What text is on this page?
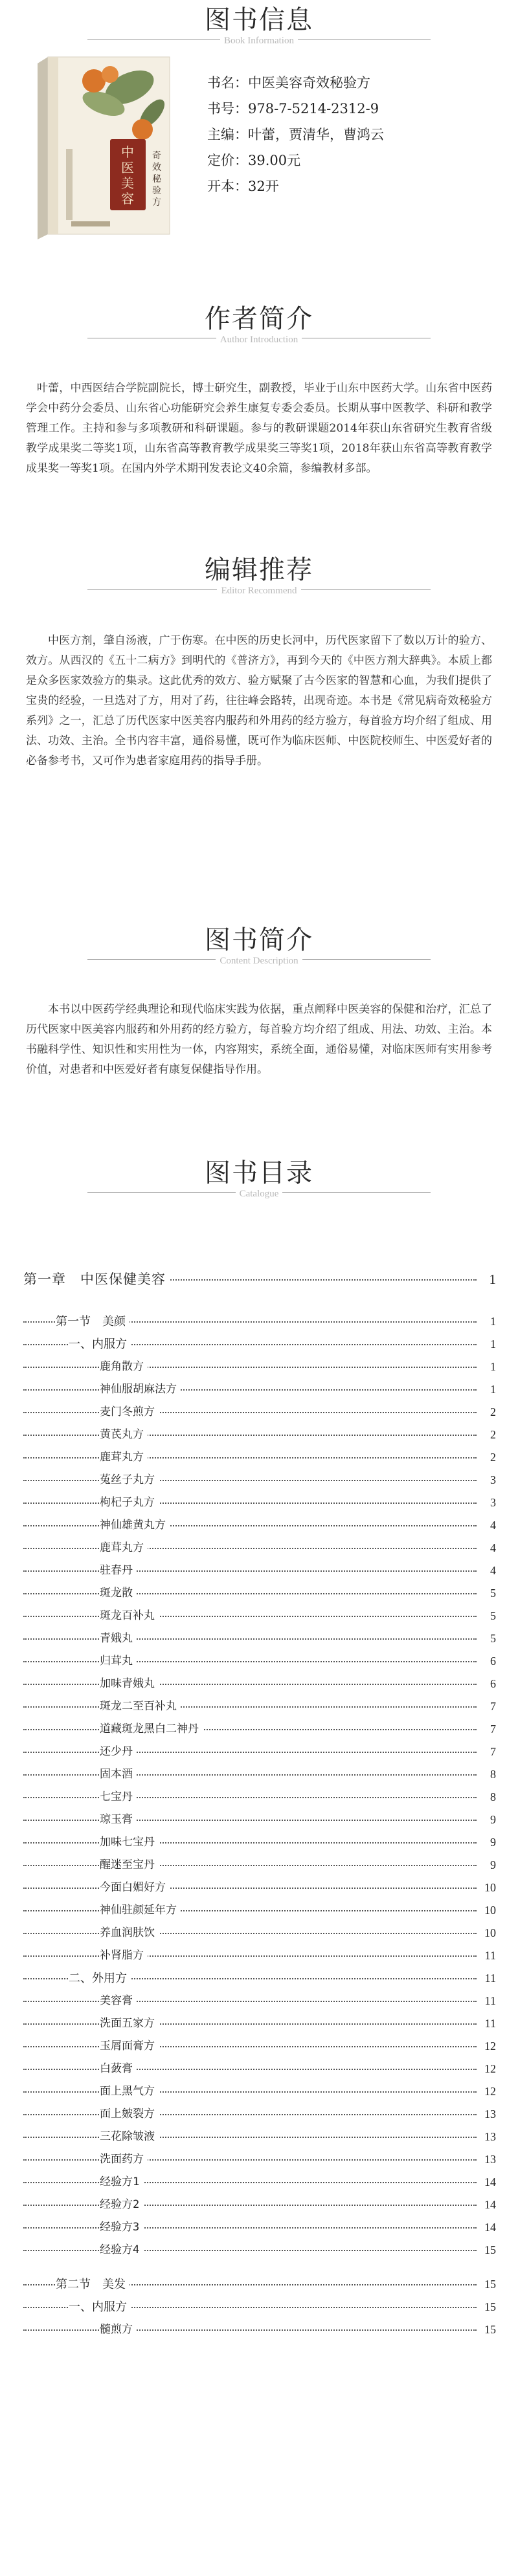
图书信息
Book Information
中
医
美
容
奇
效
秘
验
方
书名：中医美容奇效秘验方
书号：978-7-5214-2312-9
主编：叶蕾，贾清华，曹鸿云
定价：39.00元
开本：32开
作者简介
Author Introduction
叶蕾，中西医结合学院副院长，博士研究生，副教授，毕业于山东中医药大学。山东省中医药学会中药分会委员、山东省心功能研究会养生康复专委会委员。长期从事中医教学、科研和教学管理工作。主持和参与多项教研和科研课题。参与的教研课题2014年获山东省研究生教育省级教学成果奖二等奖1项，山东省高等教育教学成果奖三等奖1项，2018年获山东省高等教育教学成果奖一等奖1项。在国内外学术期刊发表论文40余篇，参编教材多部。
编辑推荐
Editor Recommend
中医方剂，肇自汤液，广于伤寒。在中医的历史长河中，历代医家留下了数以万计的验方、效方。从西汉的《五十二病方》到明代的《普济方》，再到今天的《中医方剂大辞典》。本质上都是众多医家效验方的集录。这此优秀的效方、验方赋聚了古今医家的智慧和心血，为我们提供了宝贵的经验，一旦选对了方，用对了药，往往峰会路转，出现奇迹。本书是《常见病奇效秘验方系列》之一，汇总了历代医家中医美容内服药和外用药的经方验方，每首验方均介绍了组成、用法、功效、主治。全书内容丰富，通俗易懂，既可作为临床医师、中医院校师生、中医爱好者的必备参考书，又可作为患者家庭用药的指导手册。
图书简介
Content Description
本书以中医药学经典理论和现代临床实践为依据，重点阐释中医美容的保健和治疗，汇总了历代医家中医美容内服药和外用药的经方验方，每首验方均介绍了组成、用法、功效、主治。本书融科学性、知识性和实用性为一体，内容翔实，系统全面，通俗易懂，对临床医师有实用参考价值，对患者和中医爱好者有康复保健指导作用。
图书目录
Catalogue
第一章　中医保健美容	1
第一节　美颜	1
一、内服方	1
鹿角散方	1
神仙服胡麻法方	1
麦门冬煎方	2
黄芪丸方	2
鹿茸丸方	2
菟丝子丸方	3
枸杞子丸方	3
神仙雄黄丸方	4
鹿茸丸方	4
驻春丹	4
斑龙散	5
斑龙百补丸	5
青娥丸	5
归茸丸	6
加味青娥丸	6
斑龙二至百补丸	7
道藏斑龙黑白二神丹	7
还少丹	7
固本酒	8
七宝丹	8
琼玉膏	9
加味七宝丹	9
醒迷至宝丹	9
今面白媚好方	10
神仙驻颜延年方	10
养血润肤饮	10
补肾脂方	11
二、外用方	11
美容膏	11
洗面五家方	11
玉屑面膏方	12
白蔹膏	12
面上黑气方	12
面上皴裂方	13
三花除皱液	13
洗面药方	13
经验方1	14
经验方2	14
经验方3	14
经验方4	15
第二节　美发	15
一、内服方	15
髓煎方	15
